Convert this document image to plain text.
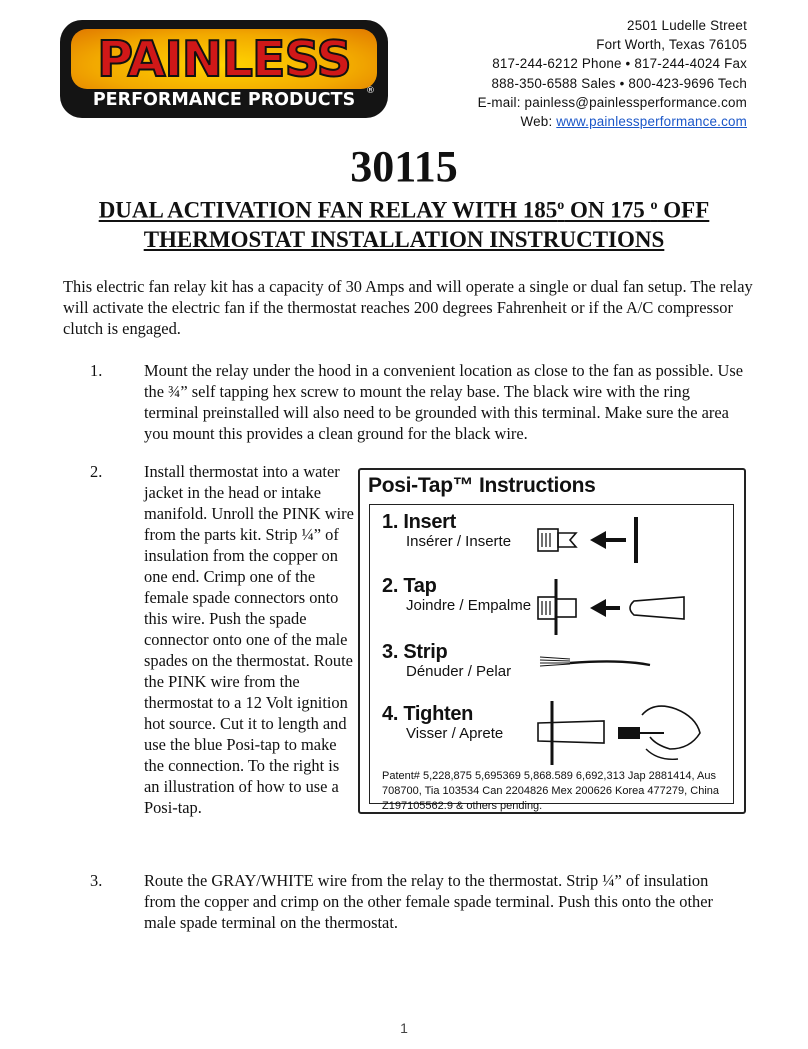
PAINLESS
PERFORMANCE PRODUCTS	®
2501 Ludelle Street
Fort Worth, Texas 76105
817-244-6212 Phone • 817-244-4024 Fax
888-350-6588 Sales • 800-423-9696 Tech
E-mail: painless@painlessperformance.com
Web: www.painlessperformance.com
30115
DUAL ACTIVATION FAN RELAY WITH 185$^o$ ON 175 $^o$ OFF
THERMOSTAT INSTALLATION INSTRUCTIONS
This electric fan relay kit has a capacity of 30 Amps and will operate a single or dual fan setup. The relay will activate the electric fan if the thermostat reaches 200 degrees Fahrenheit or if the A/C compressor clutch is engaged.
1.	Mount the relay under the hood in a convenient location as close to the fan as possible. Use the ¾” self tapping hex screw to mount the relay base. The black wire with the ring terminal preinstalled will also need to be grounded with this terminal. Make sure the area you mount this provides a clean ground for the black wire.
2.	Install thermostat into a water jacket in the head or intake manifold. Unroll the PINK wire from the parts kit. Strip ¼” of insulation from the copper on one end. Crimp one of the female spade connectors onto this wire. Push the spade connector onto one of the male spades on the thermostat. Route the PINK wire from the thermostat to a 12 Volt ignition hot source. Cut it to length and use the blue Posi-tap to make the connection. To the right is an illustration of how to use a Posi-tap.
3.	Route the GRAY/WHITE wire from the relay to the thermostat. Strip ¼” of insulation from the copper and crimp on the other female spade terminal. Push this onto the other male spade terminal on the thermostat.
Posi-Tap™ Instructions
1. Insert
Insérer / Inserte
2. Tap
Joindre / Empalme
3. Strip
Dénuder / Pelar
4. Tighten
Visser / Aprete
Patent# 5,228,875 5,695369 5,868.589 6,692,313 Jap 2881414, Aus 708700, Tia 103534 Can 2204826 Mex 200626 Korea 477279, China Z197105562.9 & others pending.
1
